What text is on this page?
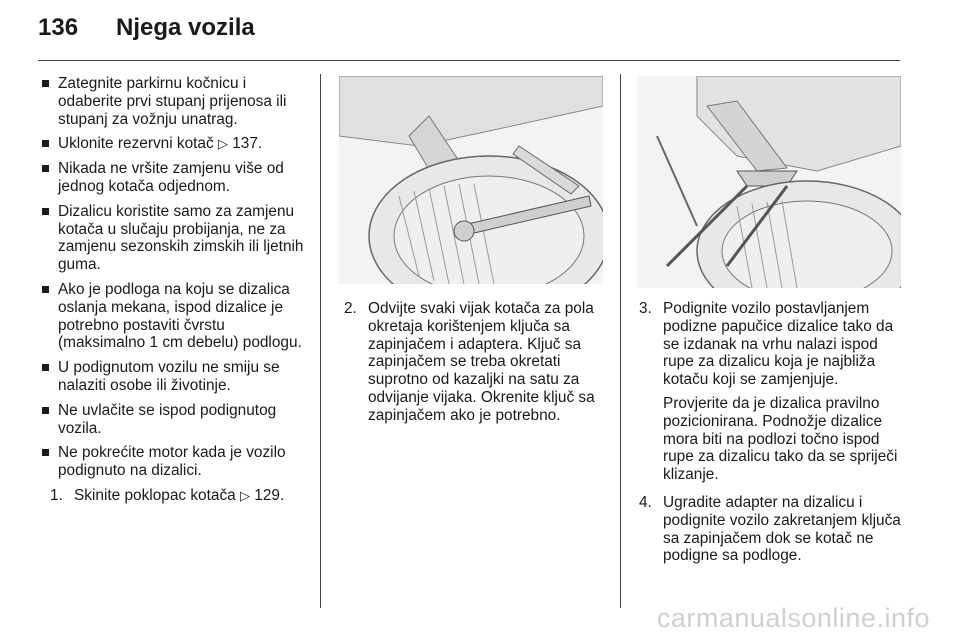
136	Njega vozila
Zategnite parkirnu kočnicu i odaberite prvi stupanj prijenosa ili stupanj za vožnju unatrag.
Uklonite rezervni kotač ▷ 137.
Nikada ne vršite zamjenu više od jednog kotača odjednom.
Dizalicu koristite samo za zamjenu kotača u slučaju probijanja, ne za zamjenu sezonskih zimskih ili ljetnih guma.
Ako je podloga na koju se dizalica oslanja mekana, ispod dizalice je potrebno postaviti čvrstu (maksimalno 1 cm debelu) podlogu.
U podignutom vozilu ne smiju se nalaziti osobe ili životinje.
Ne uvlačite se ispod podignutog vozila.
Ne pokrećite motor kada je vozilo podignuto na dizalici.
1. Skinite poklopac kotača ▷ 129.
2. Odvijte svaki vijak kotača za pola okretaja korištenjem ključa sa zapinjačem i adaptera. Ključ sa zapinjačem se treba okretati suprotno od kazaljki na satu za odvijanje vijaka. Okrenite ključ sa zapinjačem ako je potrebno.
3. Podignite vozilo postavljanjem podizne papučice dizalice tako da se izdanak na vrhu nalazi ispod rupe za dizalicu koja je najbliža kotaču koji se zamjenjuje.
Provjerite da je dizalica pravilno pozicionirana. Podnožje dizalice mora biti na podlozi točno ispod rupe za dizalicu tako da se spriječi klizanje.
4. Ugradite adapter na dizalicu i podignite vozilo zakretanjem ključa sa zapinjačem dok se kotač ne podigne sa podloge.
carmanualsonline.info
